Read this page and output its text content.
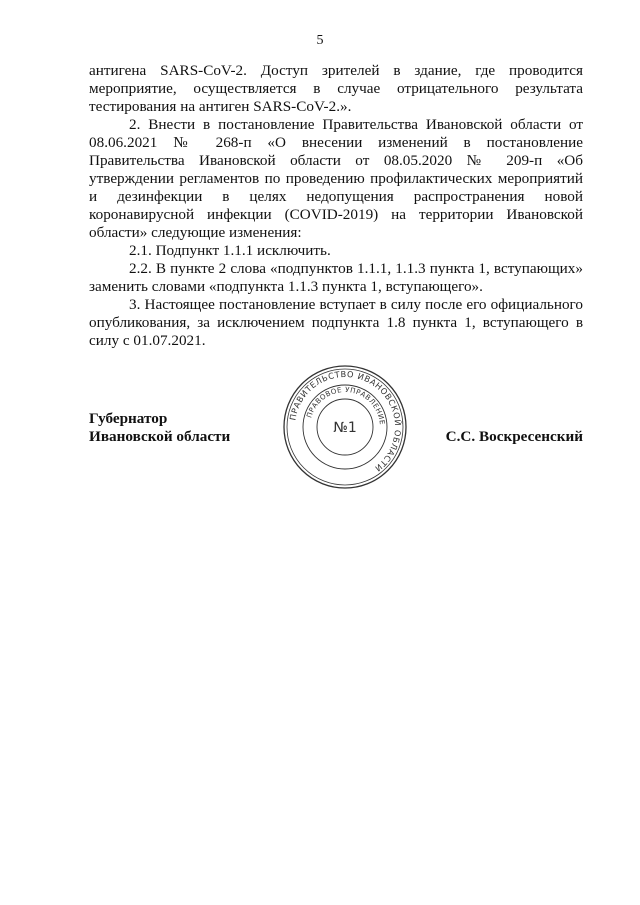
5

антигена SARS-CoV-2. Доступ зрителей в здание, где проводится мероприятие, осуществляется в случае отрицательного результата тестирования на антиген SARS-CoV-2.».

2. Внести в постановление Правительства Ивановской области от 08.06.2021 № 268-п «О внесении изменений в постановление Правительства Ивановской области от 08.05.2020 № 209-п «Об утверждении регламентов по проведению профилактических мероприятий и дезинфекции в целях недопущения распространения новой коронавирусной инфекции (COVID-2019) на территории Ивановской области» следующие изменения:

2.1. Подпункт 1.1.1 исключить.

2.2. В пункте 2 слова «подпунктов 1.1.1, 1.1.3 пункта 1, вступающих» заменить словами «подпункта 1.1.3 пункта 1, вступающего».

3. Настоящее постановление вступает в силу после его официального опубликования, за исключением подпункта 1.8 пункта 1, вступающего в силу с 01.07.2021.

Губернатор
Ивановской области	С.С. Воскресенский
ПРАВИТЕЛЬСТВО ИВАНОВСКОЙ ОБЛАСТИ
ПРАВОВОЕ УПРАВЛЕНИЕ
№1
